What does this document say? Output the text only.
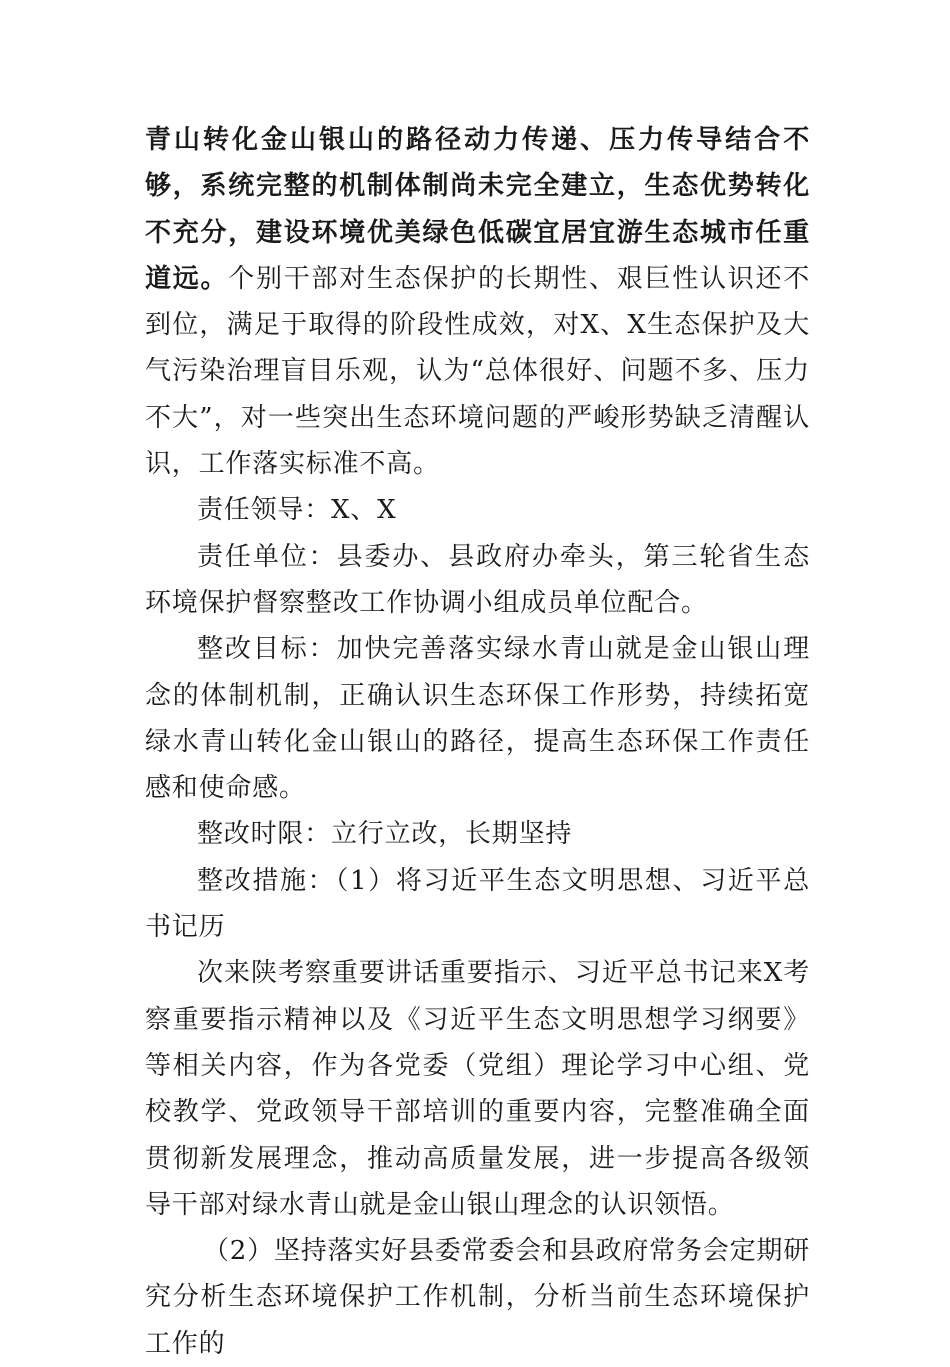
青山转化金山银山的路径动力传递、压力传导结合不够，系统完整的机制体制尚未完全建立，生态优势转化不充分，建设环境优美绿色低碳宜居宜游生态城市任重道远。个别干部对生态保护的长期性、艰巨性认识还不到位，满足于取得的阶段性成效，对X、X生态保护及大气污染治理盲目乐观，认为“总体很好、问题不多、压力不大”，对一些突出生态环境问题的严峻形势缺乏清醒认识，工作落实标准不高。

责任领导：X、X

责任单位：县委办、县政府办牵头，第三轮省生态环境保护督察整改工作协调小组成员单位配合。

整改目标：加快完善落实绿水青山就是金山银山理念的体制机制，正确认识生态环保工作形势，持续拓宽绿水青山转化金山银山的路径，提高生态环保工作责任感和使命感。

整改时限：立行立改，长期坚持

整改措施：（1）将习近平生态文明思想、习近平总书记历

次来陕考察重要讲话重要指示、习近平总书记来X考察重要指示精神以及《习近平生态文明思想学习纲要》等相关内容，作为各党委（党组）理论学习中心组、党校教学、党政领导干部培训的重要内容，完整准确全面贯彻新发展理念，推动高质量发展，进一步提高各级领导干部对绿水青山就是金山银山理念的认识领悟。

（2）坚持落实好县委常委会和县政府常务会定期研究分析生态环境保护工作机制，分析当前生态环境保护工作的
